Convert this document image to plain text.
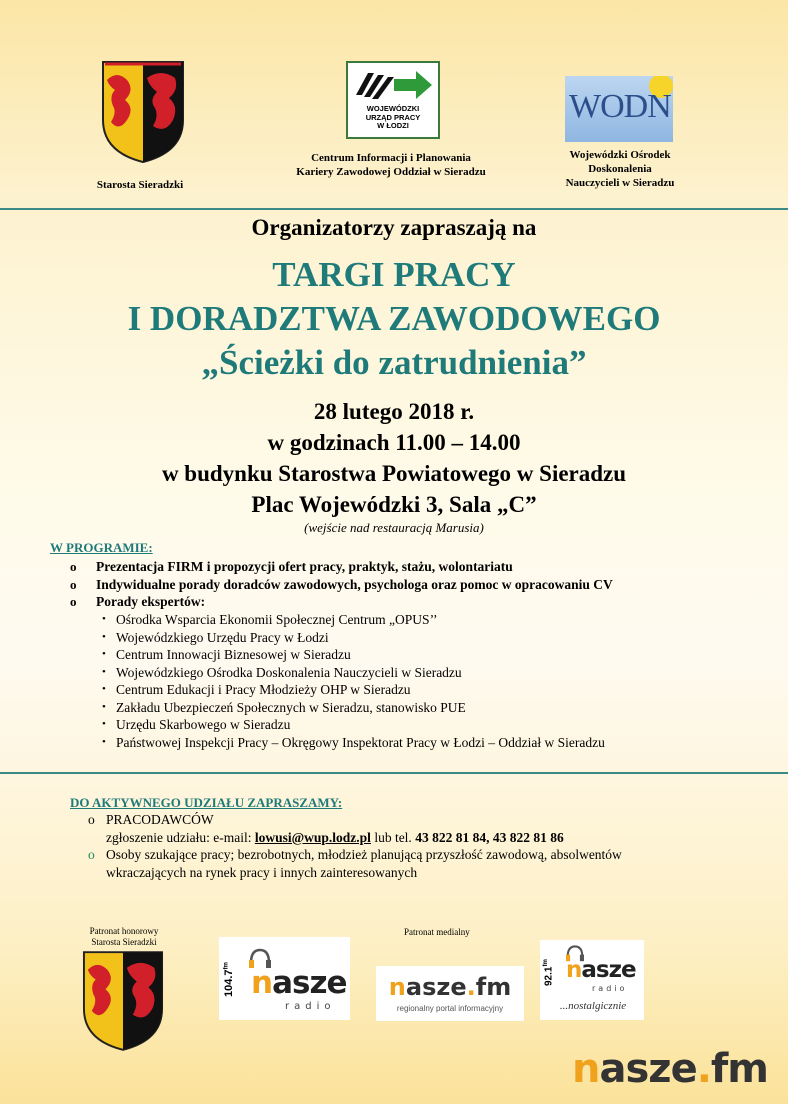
Starosta Sieradzki
WOJEWÓDZKI
URZĄD PRACY
W ŁODZI
Centrum Informacji i Planowania
Kariery Zawodowej Oddział w Sieradzu
WODN
Wojewódzki Ośrodek
Doskonalenia
Nauczycieli w Sieradzu
Organizatorzy zapraszają na
TARGI PRACY
I DORADZTWA ZAWODOWEGO
„Ścieżki do zatrudnienia”
28 lutego 2018 r.
w godzinach 11.00 – 14.00
w budynku Starostwa Powiatowego w Sieradzu
Plac Wojewódzki 3, Sala „C”
(wejście nad restauracją Marusia)
W PROGRAMIE:
o Prezentacja FIRM i propozycji ofert pracy, praktyk, stażu, wolontariatu
o Indywidualne porady doradców zawodowych, psychologa oraz pomoc w opracowaniu CV
o Porady ekspertów:
• Ośrodka Wsparcia Ekonomii Społecznej Centrum „OPUS’’
• Wojewódzkiego Urzędu Pracy w Łodzi
• Centrum Innowacji Biznesowej w Sieradzu
• Wojewódzkiego Ośrodka Doskonalenia Nauczycieli w Sieradzu
• Centrum Edukacji i Pracy Młodzieży OHP w Sieradzu
• Zakładu Ubezpieczeń Społecznych w Sieradzu, stanowisko PUE
• Urzędu Skarbowego w Sieradzu
• Państwowej Inspekcji Pracy – Okręgowy Inspektorat Pracy w Łodzi – Oddział w Sieradzu
DO AKTYWNEGO UDZIAŁU ZAPRASZAMY:
o PRACODAWCÓW
zgłoszenie udziału: e-mail: lowusi@wup.lodz.pl lub tel. 43 822 81 84, 43 822 81 86
o Osoby szukające pracy; bezrobotnych, młodzież planującą przyszłość zawodową, absolwentów
wkraczających na rynek pracy i innych zainteresowanych
Patronat honorowy
Starosta Sieradzki
Patronat medialny
$104.7^{fm}$ nasze
radio
nasze.fm
regionalny portal informacyjny
$92.1^{fm}$ nasze
radio
...nostalgicznie
nasze.fm
